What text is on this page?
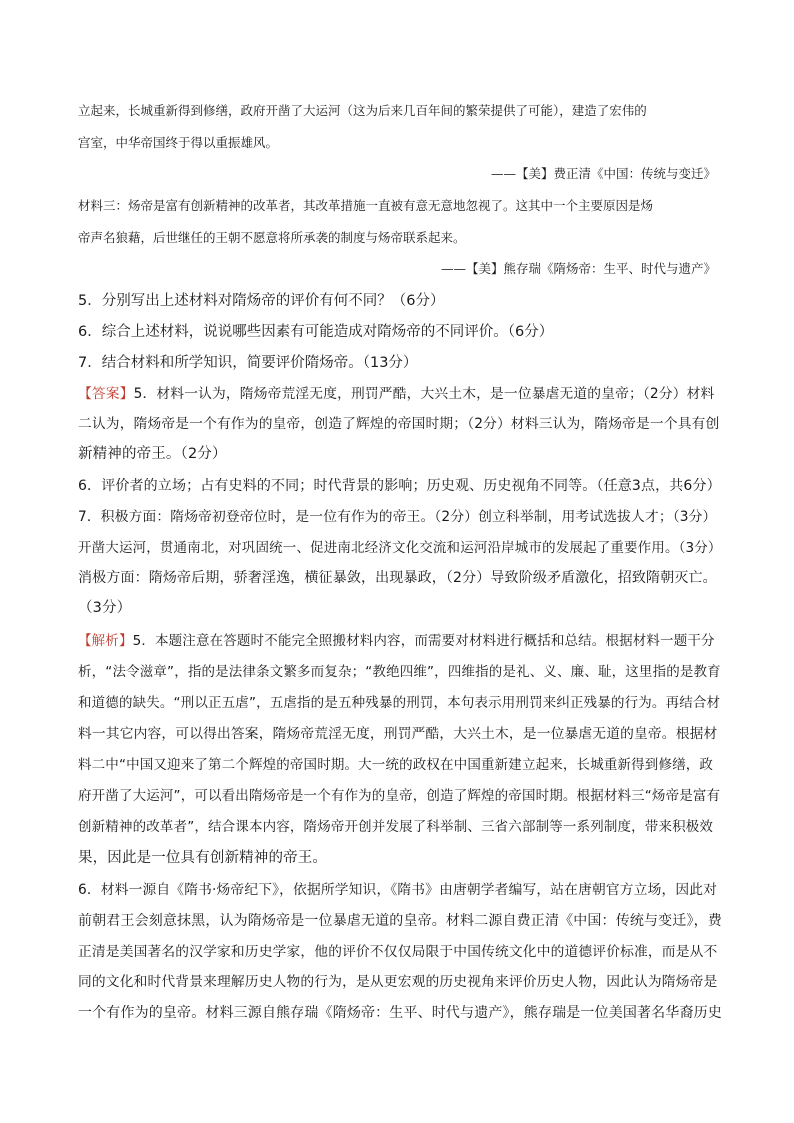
立起来，长城重新得到修缮，政府开凿了大运河（这为后来几百年间的繁荣提供了可能），建造了宏伟的
宫室，中华帝国终于得以重振雄风。
——【美】费正清《中国：传统与变迁》
材料三：炀帝是富有创新精神的改革者，其改革措施一直被有意无意地忽视了。这其中一个主要原因是炀
帝声名狼藉，后世继任的王朝不愿意将所承袭的制度与炀帝联系起来。
——【美】熊存瑞《隋炀帝：生平、时代与遗产》
5．分别写出上述材料对隋炀帝的评价有何不同？（6分）
6．综合上述材料，说说哪些因素有可能造成对隋炀帝的不同评价。（6分）
7．结合材料和所学知识，简要评价隋炀帝。（13分）
【答案】5．材料一认为，隋炀帝荒淫无度，刑罚严酷，大兴土木，是一位暴虐无道的皇帝；（2分）材料
二认为，隋炀帝是一个有作为的皇帝，创造了辉煌的帝国时期；（2分）材料三认为，隋炀帝是一个具有创
新精神的帝王。（2分）
6．评价者的立场；占有史料的不同；时代背景的影响；历史观、历史视角不同等。（任意3点，共6分）
7．积极方面：隋炀帝初登帝位时，是一位有作为的帝王。（2分）创立科举制，用考试选拔人才；（3分）
开凿大运河，贯通南北，对巩固统一、促进南北经济文化交流和运河沿岸城市的发展起了重要作用。（3分）
消极方面：隋炀帝后期，骄奢淫逸，横征暴敛，出现暴政，（2分）导致阶级矛盾激化，招致隋朝灭亡。
（3分）
【解析】5．本题注意在答题时不能完全照搬材料内容，而需要对材料进行概括和总结。根据材料一题干分
析，“法令滋章”，指的是法律条文繁多而复杂；“教绝四维”，四维指的是礼、义、廉、耻，这里指的是教育
和道德的缺失。“刑以正五虐”，五虐指的是五种残暴的刑罚，本句表示用刑罚来纠正残暴的行为。再结合材
料一其它内容，可以得出答案，隋炀帝荒淫无度，刑罚严酷，大兴土木，是一位暴虐无道的皇帝。根据材
料二中“中国又迎来了第二个辉煌的帝国时期。大一统的政权在中国重新建立起来，长城重新得到修缮，政
府开凿了大运河”，可以看出隋炀帝是一个有作为的皇帝，创造了辉煌的帝国时期。根据材料三“炀帝是富有
创新精神的改革者”，结合课本内容，隋炀帝开创并发展了科举制、三省六部制等一系列制度，带来积极效
果，因此是一位具有创新精神的帝王。
6．材料一源自《隋书·炀帝纪下》，依据所学知识，《隋书》由唐朝学者编写，站在唐朝官方立场，因此对
前朝君王会刻意抹黑，认为隋炀帝是一位暴虐无道的皇帝。材料二源自费正清《中国：传统与变迁》，费
正清是美国著名的汉学家和历史学家，他的评价不仅仅局限于中国传统文化中的道德评价标准，而是从不
同的文化和时代背景来理解历史人物的行为，是从更宏观的历史视角来评价历史人物，因此认为隋炀帝是
一个有作为的皇帝。材料三源自熊存瑞《隋炀帝：生平、时代与遗产》，熊存瑞是一位美国著名华裔历史
